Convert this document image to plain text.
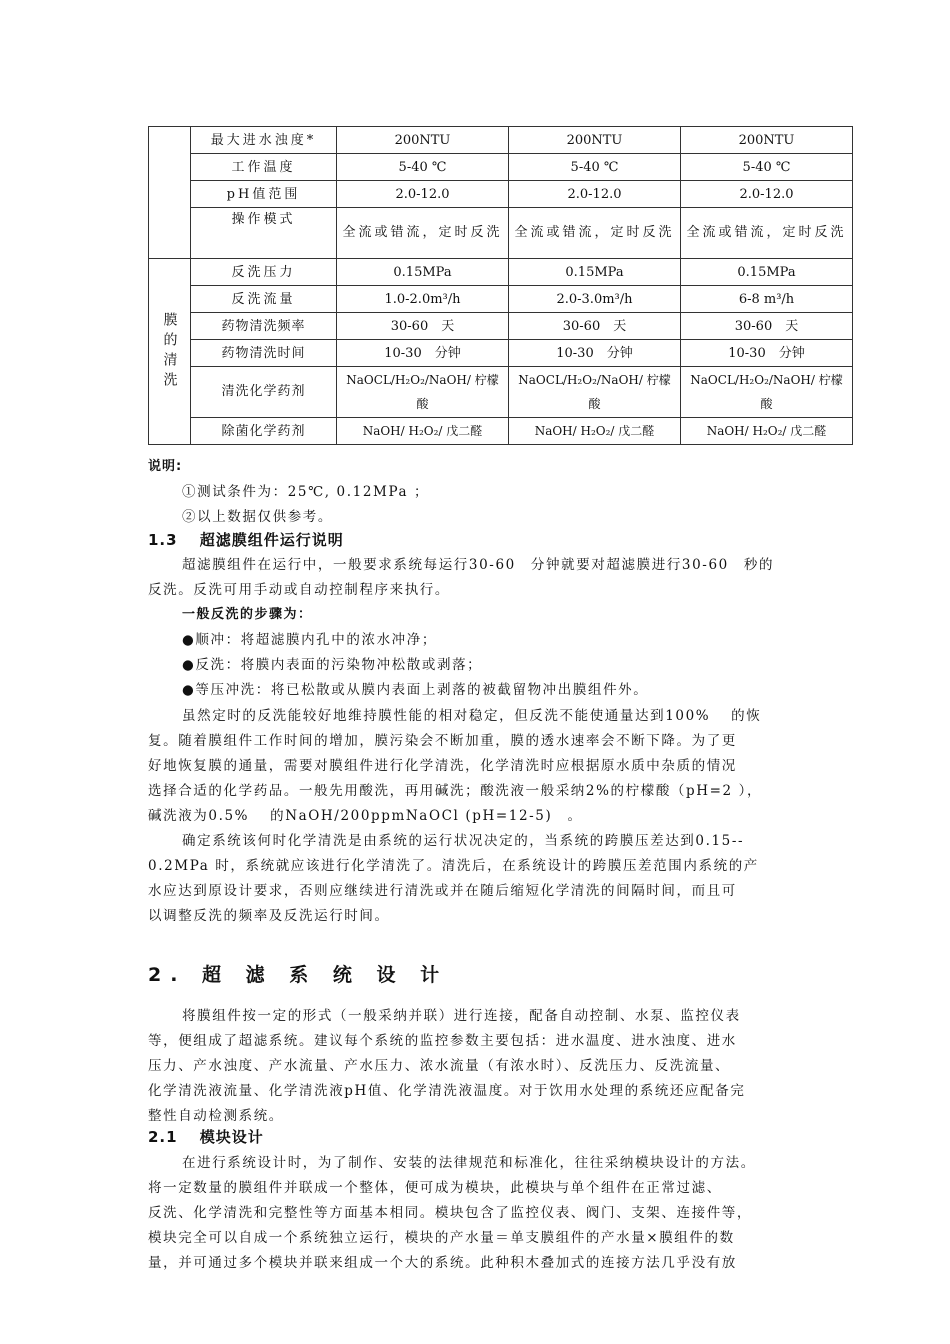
	最大进水浊度*	200NTU	200NTU	200NTU
	工作温度	5-40 ℃	5-40 ℃	5-40 ℃
	pH值范围	2.0-12.0	2.0-12.0	2.0-12.0
	操作模式	全流或错流，定时反洗	全流或错流，定时反洗	全流或错流，定时反洗
膜的清洗	反洗压力	0.15MPa	0.15MPa	0.15MPa
	反洗流量	1.0-2.0m³/h	2.0-3.0m³/h	6-8 m³/h
	药物清洗频率	30-60　天	30-60　天	30-60　天
	药物清洗时间	10-30　分钟	10-30　分钟	10-30　分钟
	清洗化学药剂	NaOCL/H₂O₂/NaOH/ 柠檬酸	NaOCL/H₂O₂/NaOH/ 柠檬酸	NaOCL/H₂O₂/NaOH/ 柠檬酸
	除菌化学药剂	NaOH/ H₂O₂/ 戊二醛	NaOH/ H₂O₂/ 戊二醛	NaOH/ H₂O₂/ 戊二醛
说明:
①测试条件为：25℃, 0.12MPa ；
②以上数据仅供参考。
1.3　 超滤膜组件运行说明
超滤膜组件在运行中，一般要求系统每运行30-60　分钟就要对超滤膜进行30-60　秒的
反洗。反洗可用手动或自动控制程序来执行。
一般反洗的步骤为：
●顺冲：将超滤膜内孔中的浓水冲净；
●反洗：将膜内表面的污染物冲松散或剥落；
●等压冲洗：将已松散或从膜内表面上剥落的被截留物冲出膜组件外。
虽然定时的反洗能较好地维持膜性能的相对稳定，但反洗不能使通量达到100%　 的恢
复。随着膜组件工作时间的增加，膜污染会不断加重，膜的透水速率会不断下降。为了更
好地恢复膜的通量，需要对膜组件进行化学清洗，化学清洗时应根据原水质中杂质的情况
选择合适的化学药品。一般先用酸洗，再用碱洗；酸洗液一般采纳2%的柠檬酸（pH=2 ），
碱洗液为0.5%　 的NaOH/200ppmNaOCl (pH=12-5)　。
确定系统该何时化学清洗是由系统的运行状况决定的，当系统的跨膜压差达到0.15--
0.2MPa 时，系统就应该进行化学清洗了。清洗后，在系统设计的跨膜压差范围内系统的产
水应达到原设计要求，否则应继续进行清洗或并在随后缩短化学清洗的间隔时间，而且可
以调整反洗的频率及反洗运行时间。
2. 超 滤 系 统 设 计
将膜组件按一定的形式（一般采纳并联）进行连接，配备自动控制、水泵、监控仪表
等，便组成了超滤系统。建议每个系统的监控参数主要包括：进水温度、进水浊度、进水
压力、产水浊度、产水流量、产水压力、浓水流量（有浓水时）、反洗压力、反洗流量、
化学清洗液流量、化学清洗液pH值、化学清洗液温度。对于饮用水处理的系统还应配备完
整性自动检测系统。
2.1　 模块设计
在进行系统设计时，为了制作、安装的法律规范和标准化，往往采纳模块设计的方法。
将一定数量的膜组件并联成一个整体，便可成为模块，此模块与单个组件在正常过滤、
反洗、化学清洗和完整性等方面基本相同。模块包含了监控仪表、阀门、支架、连接件等，
模块完全可以自成一个系统独立运行，模块的产水量＝单支膜组件的产水量×膜组件的数
量，并可通过多个模块并联来组成一个大的系统。此种积木叠加式的连接方法几乎没有放
